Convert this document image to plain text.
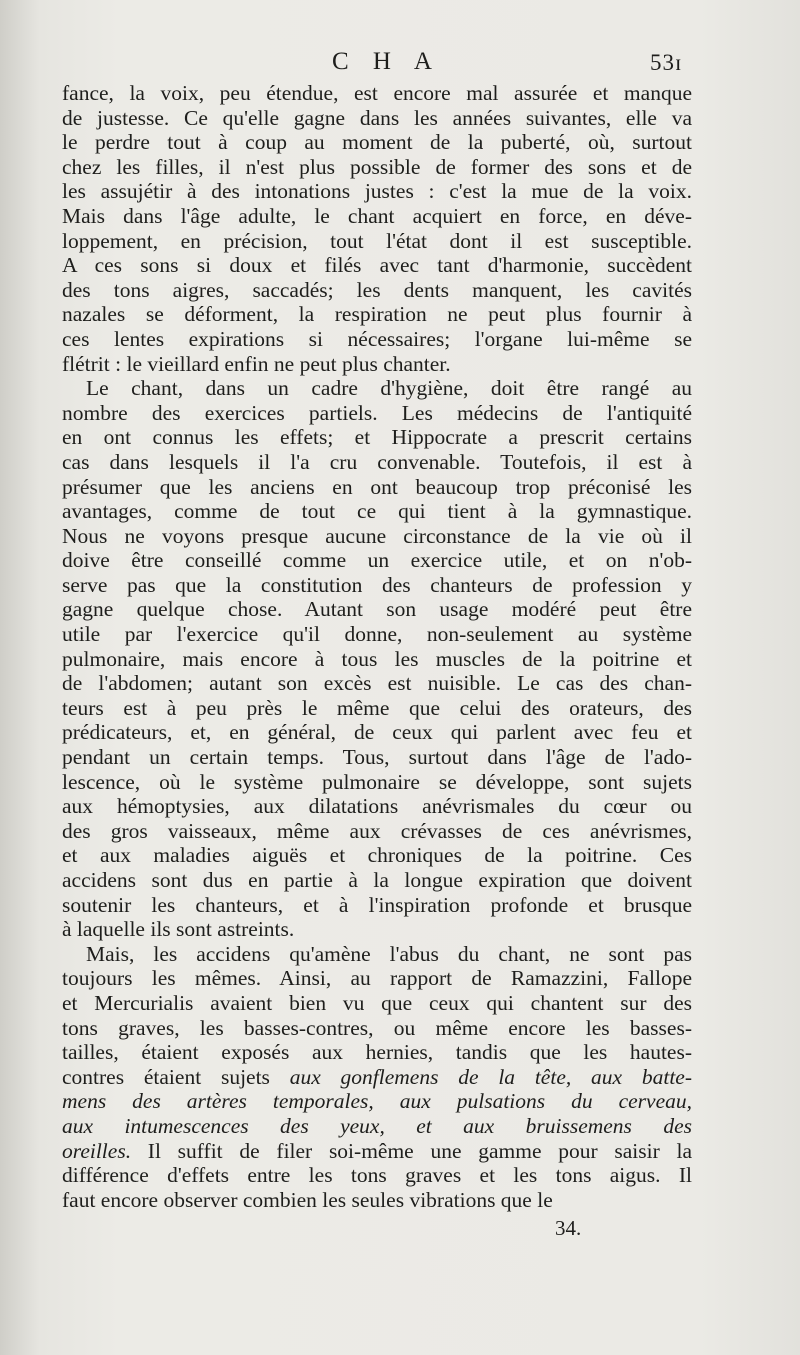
C H A	53ɪ
fance, la voix, peu étendue, est encore mal assurée et manque
de justesse. Ce qu'elle gagne dans les années suivantes, elle va
le perdre tout à coup au moment de la puberté, où, surtout
chez les filles, il n'est plus possible de former des sons et de
les assujétir à des intonations justes : c'est la mue de la voix.
Mais dans l'âge adulte, le chant acquiert en force, en déve-
loppement, en précision, tout l'état dont il est susceptible.
A ces sons si doux et filés avec tant d'harmonie, succèdent
des tons aigres, saccadés; les dents manquent, les cavités
nazales se déforment, la respiration ne peut plus fournir à
ces lentes expirations si nécessaires; l'organe lui-même se
flétrit : le vieillard enfin ne peut plus chanter.
Le chant, dans un cadre d'hygiène, doit être rangé au
nombre des exercices partiels. Les médecins de l'antiquité
en ont connus les effets; et Hippocrate a prescrit certains
cas dans lesquels il l'a cru convenable. Toutefois, il est à
présumer que les anciens en ont beaucoup trop préconisé les
avantages, comme de tout ce qui tient à la gymnastique.
Nous ne voyons presque aucune circonstance de la vie où il
doive être conseillé comme un exercice utile, et on n'ob-
serve pas que la constitution des chanteurs de profession y
gagne quelque chose. Autant son usage modéré peut être
utile par l'exercice qu'il donne, non-seulement au système
pulmonaire, mais encore à tous les muscles de la poitrine et
de l'abdomen; autant son excès est nuisible. Le cas des chan-
teurs est à peu près le même que celui des orateurs, des
prédicateurs, et, en général, de ceux qui parlent avec feu et
pendant un certain temps. Tous, surtout dans l'âge de l'ado-
lescence, où le système pulmonaire se développe, sont sujets
aux hémoptysies, aux dilatations anévrismales du cœur ou
des gros vaisseaux, même aux crévasses de ces anévrismes,
et aux maladies aiguës et chroniques de la poitrine. Ces
accidens sont dus en partie à la longue expiration que doivent
soutenir les chanteurs, et à l'inspiration profonde et brusque
à laquelle ils sont astreints.
Mais, les accidens qu'amène l'abus du chant, ne sont pas
toujours les mêmes. Ainsi, au rapport de Ramazzini, Fallope
et Mercurialis avaient bien vu que ceux qui chantent sur des
tons graves, les basses-contres, ou même encore les basses-
tailles, étaient exposés aux hernies, tandis que les hautes-
contres étaient sujets aux gonflemens de la tête, aux batte-
mens des artères temporales, aux pulsations du cerveau,
aux intumescences des yeux, et aux bruissemens des
oreilles. Il suffit de filer soi-même une gamme pour saisir la
différence d'effets entre les tons graves et les tons aigus. Il
faut encore observer combien les seules vibrations que le
34.
